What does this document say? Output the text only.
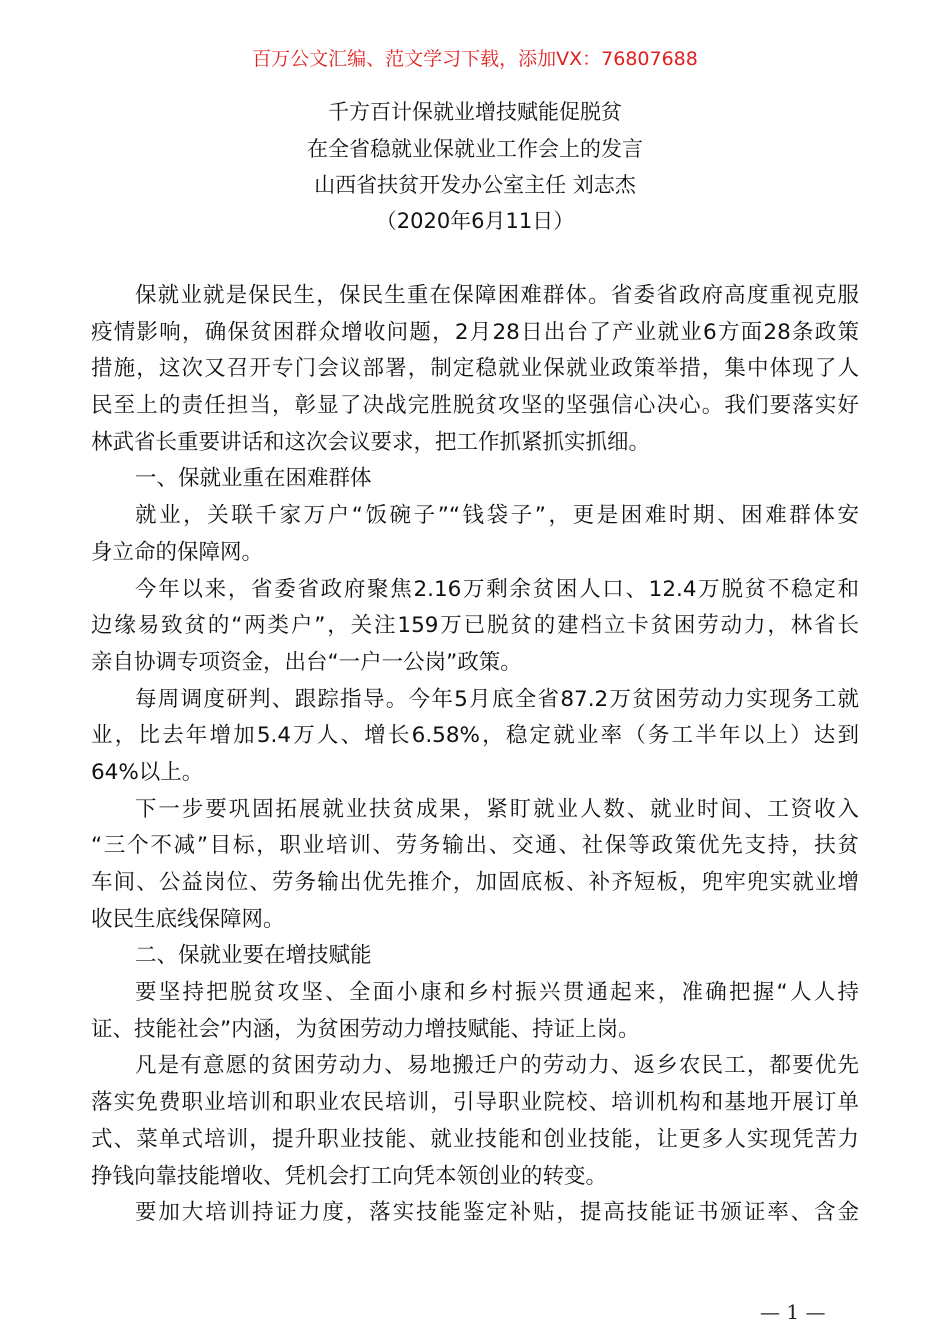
百万公文汇编、范文学习下载，添加VX：76807688
千方百计保就业增技赋能促脱贫
在全省稳就业保就业工作会上的发言
山西省扶贫开发办公室主任 刘志杰
（2020年6月11日）
保就业就是保民生，保民生重在保障困难群体。省委省政府高度重视克服
疫情影响，确保贫困群众增收问题，2月28日出台了产业就业6方面28条政策
措施，这次又召开专门会议部署，制定稳就业保就业政策举措，集中体现了人
民至上的责任担当，彰显了决战完胜脱贫攻坚的坚强信心决心。我们要落实好
林武省长重要讲话和这次会议要求，把工作抓紧抓实抓细。
一、保就业重在困难群体
就业，关联千家万户“饭碗子”“钱袋子”，更是困难时期、困难群体安
身立命的保障网。
今年以来，省委省政府聚焦2.16万剩余贫困人口、12.4万脱贫不稳定和
边缘易致贫的“两类户”，关注159万已脱贫的建档立卡贫困劳动力，林省长
亲自协调专项资金，出台“一户一公岗”政策。
每周调度研判、跟踪指导。今年5月底全省87.2万贫困劳动力实现务工就
业，比去年增加5.4万人、增长6.58%，稳定就业率（务工半年以上）达到
64%以上。
下一步要巩固拓展就业扶贫成果，紧盯就业人数、就业时间、工资收入
“三个不减”目标，职业培训、劳务输出、交通、社保等政策优先支持，扶贫
车间、公益岗位、劳务输出优先推介，加固底板、补齐短板，兜牢兜实就业增
收民生底线保障网。
二、保就业要在增技赋能
要坚持把脱贫攻坚、全面小康和乡村振兴贯通起来，准确把握“人人持
证、技能社会”内涵，为贫困劳动力增技赋能、持证上岗。
凡是有意愿的贫困劳动力、易地搬迁户的劳动力、返乡农民工，都要优先
落实免费职业培训和职业农民培训，引导职业院校、培训机构和基地开展订单
式、菜单式培训，提升职业技能、就业技能和创业技能，让更多人实现凭苦力
挣钱向靠技能增收、凭机会打工向凭本领创业的转变。
要加大培训持证力度，落实技能鉴定补贴，提高技能证书颁证率、含金
— 1 —
